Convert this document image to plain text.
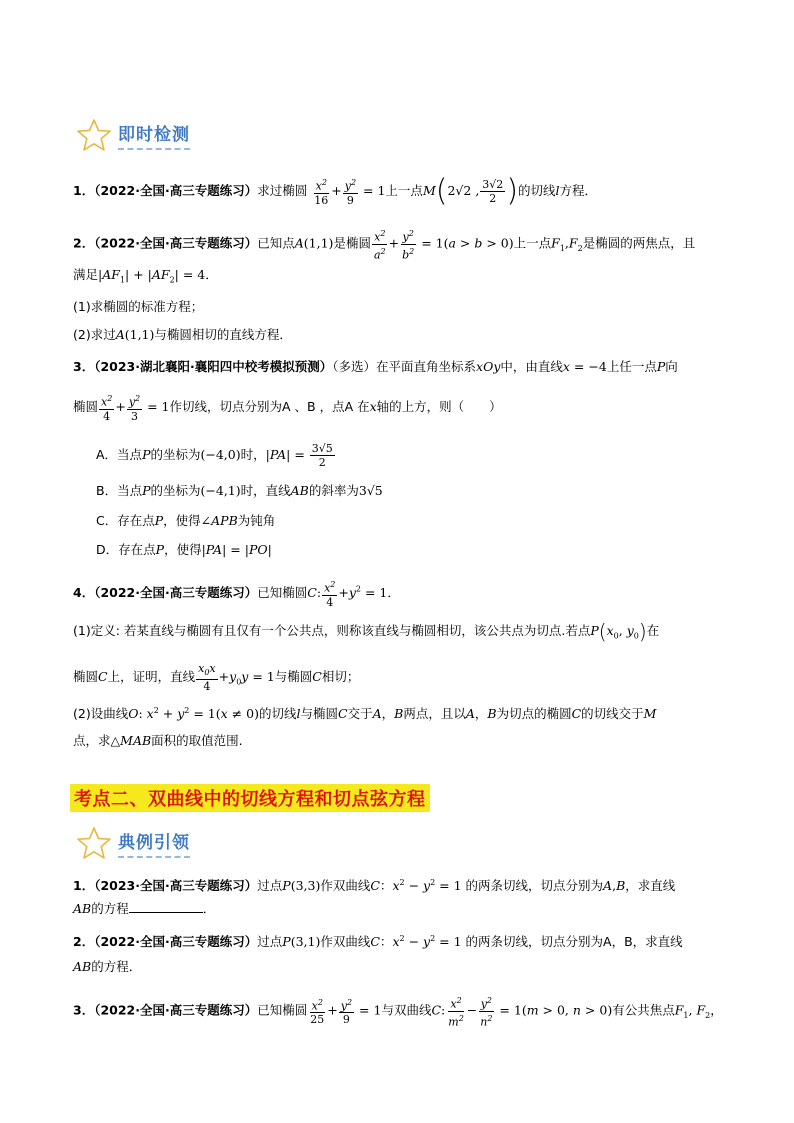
即时检测
1．（2022·全国·高三专题练习）求过椭圆 $\frac{x^2}{16} + \frac{y^2}{9} = 1$上一点M(2√2 , $\frac{3√2}{2}$ )的切线l方程．
2．（2022·全国·高三专题练习）已知点A(1,1)是椭圆 $\frac{x^2}{a^2} + \frac{y^2}{b^2} = 1(a > b > 0)$上一点$F_1,F_2$是椭圆的两焦点，且
满足$|AF_1| + |AF_2| = 4$．
(1)求椭圆的标准方程；
(2)求过A(1,1)与椭圆相切的直线方程．
3．（2023·湖北襄阳·襄阳四中校考模拟预测）（多选）在平面直角坐标系xOy中，由直线x = −4上任一点P向
椭圆 $\frac{x^2}{4} + \frac{y^2}{3} = 1$作切线，切点分别为A 、B ，点A 在x轴的上方，则（　　）
A．当点P的坐标为(−4,0)时，$|PA| = \frac{3√5}{2}$
B．当点P的坐标为(−4,1)时，直线AB的斜率为3√5
C．存在点P，使得∠APB为钝角
D．存在点P，使得|PA| = |PO|
4．（2022·全国·高三专题练习）已知椭圆C: $\frac{x^2}{4} +y^2 = 1$．
(1)定义: 若某直线与椭圆有且仅有一个公共点，则称该直线与椭圆相切，该公共点为切点.若点$P(x_0$, $y_0$)在
椭圆C上，证明，直线 $\frac{x_0x}{4} +y_0y = 1$与椭圆C相切；
(2)设曲线O: $x^2 + y^2 = 1(x \ne 0)$的切线l与椭圆C交于A，B两点，且以A，B为切点的椭圆C的切线交于M
点，求△MAB面积的取值范围.
考点二、双曲线中的切线方程和切点弦方程
典例引领
1．（2023·全国·高三专题练习）过点P(3,3)作双曲线C：$x^2 - y^2 = 1$ 的两条切线，切点分别为A,B，求直线
AB的方程	．
2．（2022·全国·高三专题练习）过点P(3,1)作双曲线C：$x^2 - y^2 = 1$ 的两条切线，切点分别为A，B，求直线
AB的方程．
3．（2022·全国·高三专题练习）已知椭圆 $\frac{x^2}{25} + \frac{y^2}{9} = 1$与双曲线C: $\frac{x^2}{m^2} - \frac{y^2}{n^2} = 1(m > 0$, n > 0)有公共焦点$F_1$, $F_2$，
